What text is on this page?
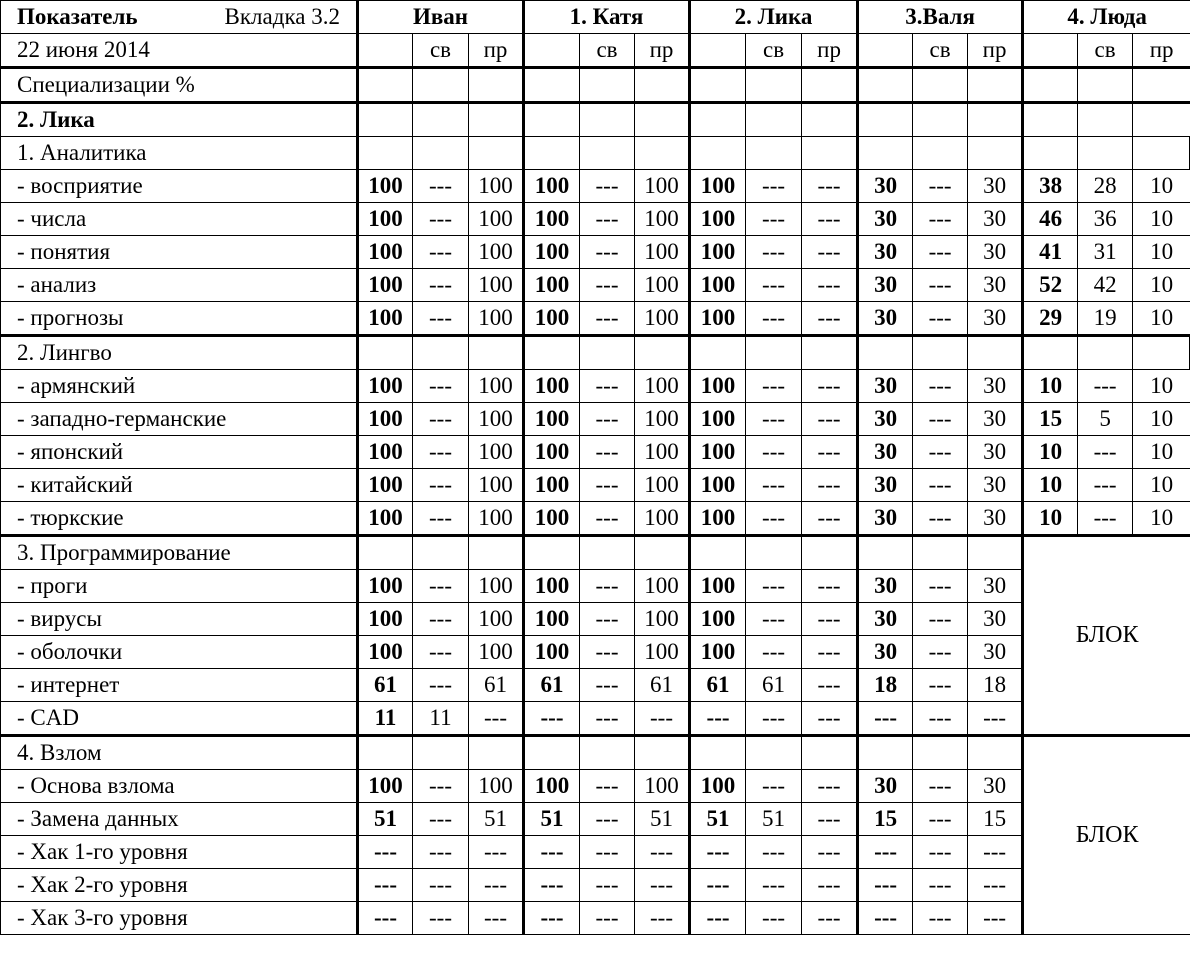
Показатель Вкладка 3.2	Иван			1. Катя			2. Лика			3.Валя			4. Люда		
22 июня 2014		св	пр		св	пр		св	пр		св	пр		св	пр
Специализации %															
2. Лика															
1. Аналитика															
- восприятие	100	---	100	100	---	100	100	---	---	30	---	30	38	28	10
- числа	100	---	100	100	---	100	100	---	---	30	---	30	46	36	10
- понятия	100	---	100	100	---	100	100	---	---	30	---	30	41	31	10
- анализ	100	---	100	100	---	100	100	---	---	30	---	30	52	42	10
- прогнозы	100	---	100	100	---	100	100	---	---	30	---	30	29	19	10
2. Лингво															
- армянский	100	---	100	100	---	100	100	---	---	30	---	30	10	---	10
- западно-германские	100	---	100	100	---	100	100	---	---	30	---	30	15	5	10
- японский	100	---	100	100	---	100	100	---	---	30	---	30	10	---	10
- китайский	100	---	100	100	---	100	100	---	---	30	---	30	10	---	10
- тюркские	100	---	100	100	---	100	100	---	---	30	---	30	10	---	10
3. Программирование													БЛОК		
- проги	100	---	100	100	---	100	100	---	---	30	---	30			
- вирусы	100	---	100	100	---	100	100	---	---	30	---	30			
- оболочки	100	---	100	100	---	100	100	---	---	30	---	30			
- интернет	61	---	61	61	---	61	61	61	---	18	---	18			
- CAD	11	11	---	---	---	---	---	---	---	---	---	---			
4. Взлом													БЛОК		
- Основа взлома	100	---	100	100	---	100	100	---	---	30	---	30			
- Замена данных	51	---	51	51	---	51	51	51	---	15	---	15			
- Хак 1-го уровня	---	---	---	---	---	---	---	---	---	---	---	---			
- Хак 2-го уровня	---	---	---	---	---	---	---	---	---	---	---	---			
- Хак 3-го уровня	---	---	---	---	---	---	---	---	---	---	---	---			
